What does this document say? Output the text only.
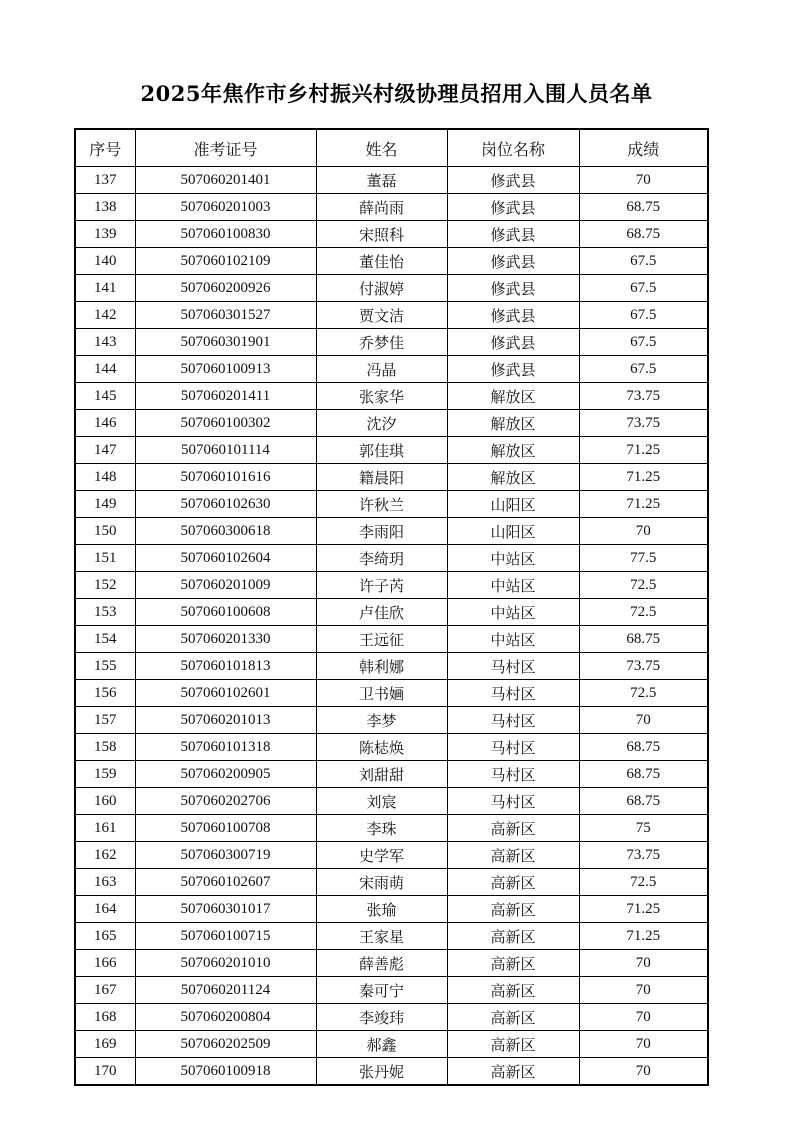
2025年焦作市乡村振兴村级协理员招用入围人员名单
序号	准考证号	姓名	岗位名称	成绩
137	507060201401	董磊	修武县	70
138	507060201003	薛尚雨	修武县	68.75
139	507060100830	宋照科	修武县	68.75
140	507060102109	董佳怡	修武县	67.5
141	507060200926	付淑婷	修武县	67.5
142	507060301527	贾文洁	修武县	67.5
143	507060301901	乔梦佳	修武县	67.5
144	507060100913	冯晶	修武县	67.5
145	507060201411	张家华	解放区	73.75
146	507060100302	沈汐	解放区	73.75
147	507060101114	郭佳琪	解放区	71.25
148	507060101616	籍晨阳	解放区	71.25
149	507060102630	许秋兰	山阳区	71.25
150	507060300618	李雨阳	山阳区	70
151	507060102604	李绮玥	中站区	77.5
152	507060201009	许子芮	中站区	72.5
153	507060100608	卢佳欣	中站区	72.5
154	507060201330	王远征	中站区	68.75
155	507060101813	韩利娜	马村区	73.75
156	507060102601	卫书婳	马村区	72.5
157	507060201013	李梦	马村区	70
158	507060101318	陈梽焕	马村区	68.75
159	507060200905	刘甜甜	马村区	68.75
160	507060202706	刘宸	马村区	68.75
161	507060100708	李珠	高新区	75
162	507060300719	史学军	高新区	73.75
163	507060102607	宋雨萌	高新区	72.5
164	507060301017	张瑜	高新区	71.25
165	507060100715	王家星	高新区	71.25
166	507060201010	薛善彪	高新区	70
167	507060201124	秦可宁	高新区	70
168	507060200804	李竣玮	高新区	70
169	507060202509	郝鑫	高新区	70
170	507060100918	张丹妮	高新区	70
